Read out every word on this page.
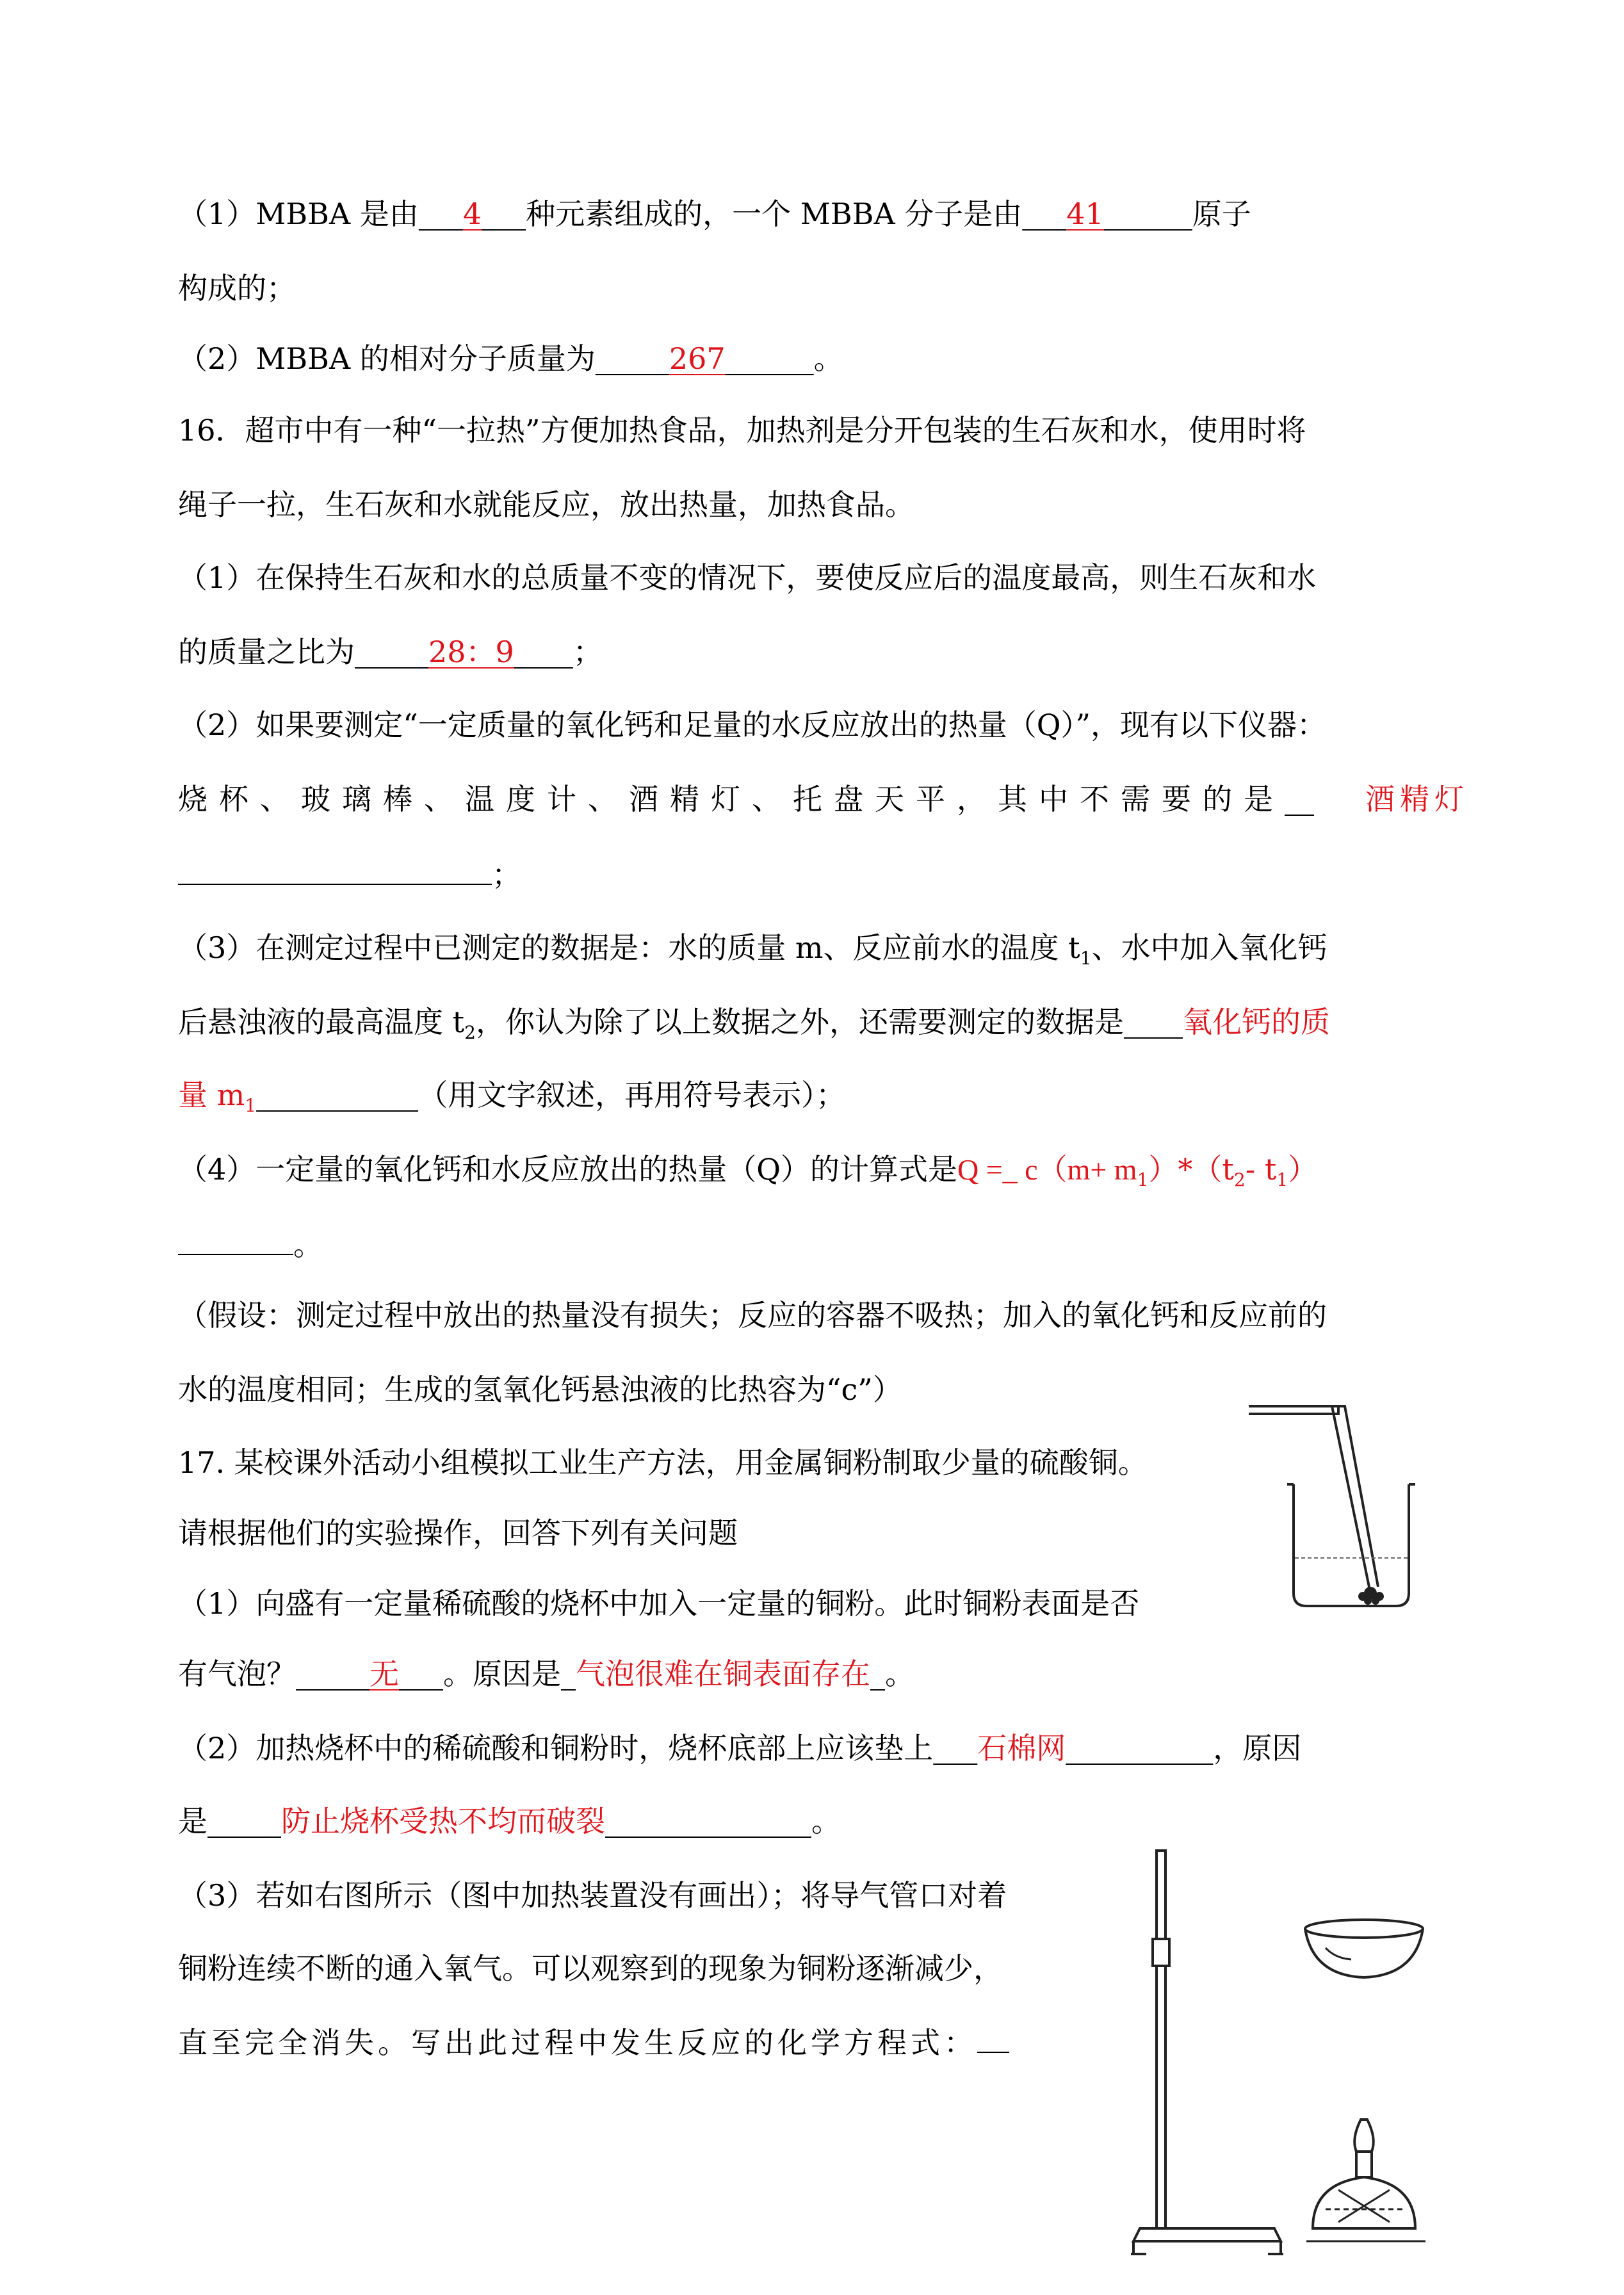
（1）MBBA 是由   4   种元素组成的，一个 MBBA 分子是由   41   	原子
构成的；
（2）MBBA 的相对分子质量为   	267   	。
16．超市中有一种“一拉热”方便加热食品，加热剂是分开包装的生石灰和水，使用时将
绳子一拉，生石灰和水就能反应，放出热量，加热食品。
（1）在保持生石灰和水的总质量不变的情况下，要使反应后的温度最高，则生石灰和水
的质量之比为   	28：9   ；
（2）如果要测定“一定质量的氧化钙和足量的水反应放出的热量（Q）”，现有以下仪器：
烧杯、玻璃棒、温度计、酒精灯、托盘天平，其中不需要的是 	酒精灯
；
（3）在测定过程中已测定的数据是：水的质量 m、反应前水的温度 $t_1$、水中加入氧化钙
后悬浊液的最高温度 $t_2$，你认为除了以上数据之外，还需要测定的数据是   氧化钙的质
量 $m_1$      	（用文字叙述，再用符号表示）；
（4）一定量的氧化钙和水反应放出的热量（Q）的计算式是Q =_ $c(m+ m_1)*(t_2-$ $t_1$）
。
（假设：测定过程中放出的热量没有损失；反应的容器不吸热；加入的氧化钙和反应前的
水的温度相同；生成的氢氧化钙悬浊液的比热容为“c”）
17. 某校课外活动小组模拟工业生产方法，用金属铜粉制取少量的硫酸铜。
请根据他们的实验操作，回答下列有关问题
（1）向盛有一定量稀硫酸的烧杯中加入一定量的铜粉。此时铜粉表面是否
有气泡？   	无   。原因是  气泡很难在铜表面存在  。
（2）加热烧杯中的稀硫酸和铜粉时，烧杯底部上应该垫上   石棉网     	，原因
是   	防止烧杯受热不均而破裂       	。
（3）若如右图所示（图中加热装置没有画出）；将导气管口对着
铜粉连续不断的通入氧气。可以观察到的现象为铜粉逐渐减少，
直至完全消失。写出此过程中发生反应的化学方程式：
